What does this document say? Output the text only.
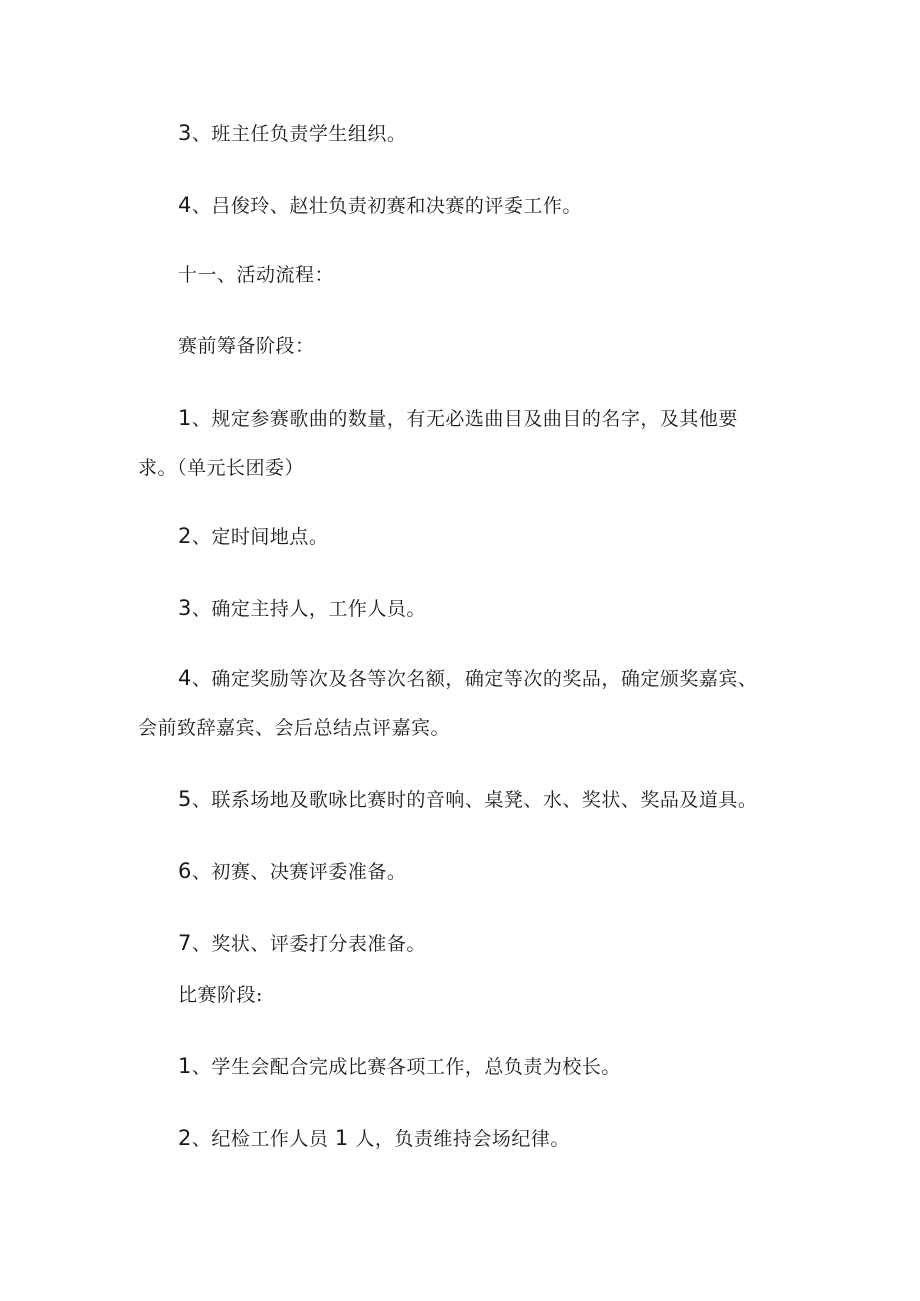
3、班主任负责学生组织。
4、吕俊玲、赵壮负责初赛和决赛的评委工作。
十一、活动流程：
赛前筹备阶段：
1、规定参赛歌曲的数量，有无必选曲目及曲目的名字，及其他要
求。（单元长团委）
2、定时间地点。
3、确定主持人，工作人员。
4、确定奖励等次及各等次名额，确定等次的奖品，确定颁奖嘉宾、
会前致辞嘉宾、会后总结点评嘉宾。
5、联系场地及歌咏比赛时的音响、桌凳、水、奖状、奖品及道具。
6、初赛、决赛评委准备。
7、奖状、评委打分表准备。
比赛阶段:
1、学生会配合完成比赛各项工作，总负责为校长。
2、纪检工作人员 1 人，负责维持会场纪律。
